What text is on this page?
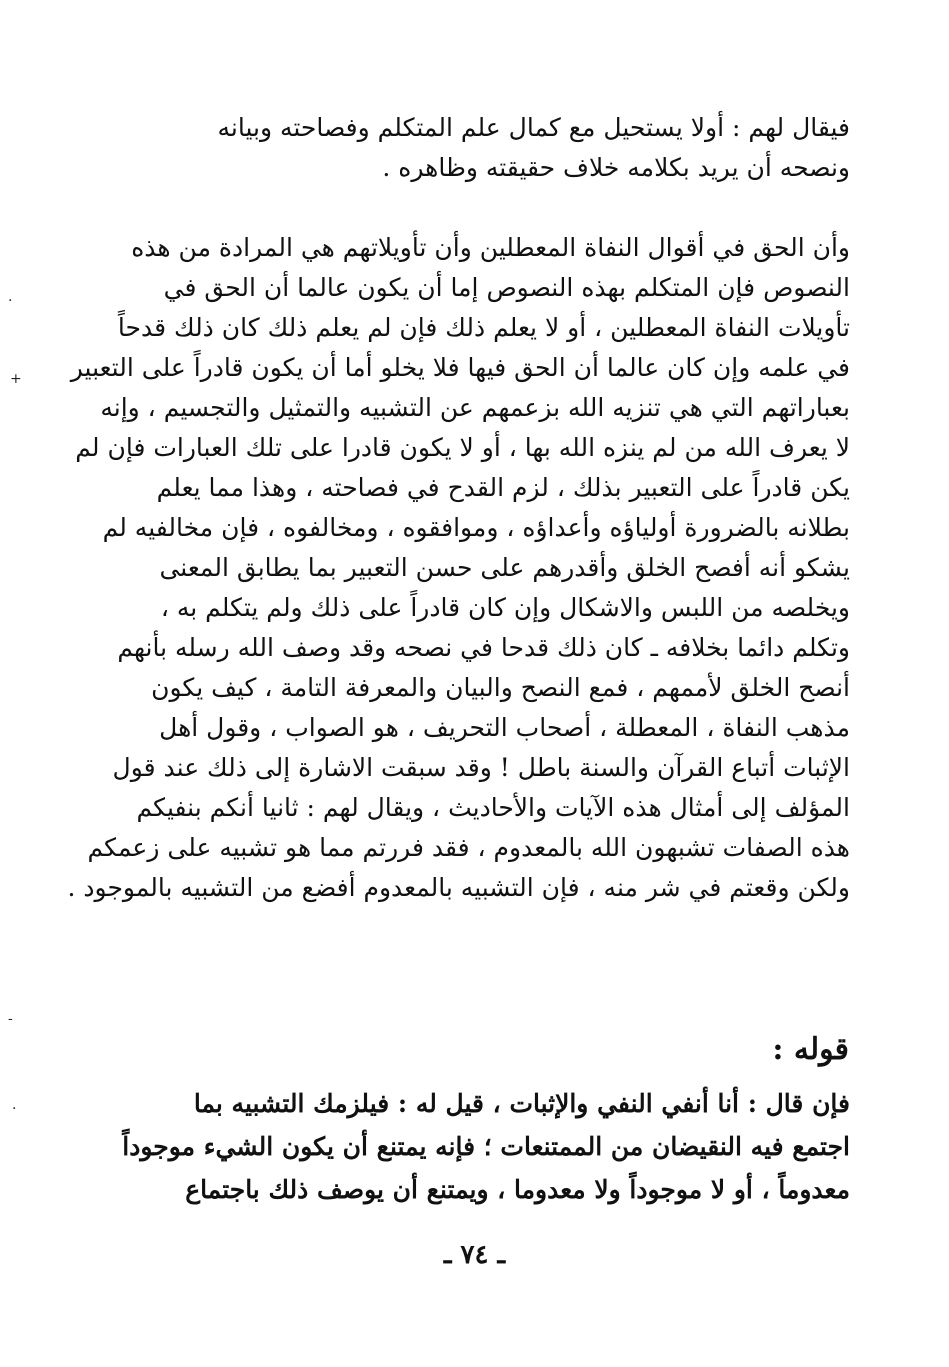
فيقال لهم : أولا يستحيل مع كمال علم المتكلم وفصاحته وبيانه
ونصحه أن يريد بكلامه خلاف حقيقته وظاهره .
وأن الحق في أقوال النفاة المعطلين وأن تأويلاتهم هي المرادة من هذه
النصوص فإن المتكلم بهذه النصوص إما أن يكون عالما أن الحق في
تأويلات النفاة المعطلين ، أو لا يعلم ذلك فإن لم يعلم ذلك كان ذلك قدحاً
في علمه وإن كان عالما أن الحق فيها فلا يخلو أما أن يكون قادراً على التعبير
بعباراتهم التي هي تنزيه الله بزعمهم عن التشبيه والتمثيل والتجسيم ، وإنه
لا يعرف الله من لم ينزه الله بها ، أو لا يكون قادرا على تلك العبارات فإن لم
يكن قادراً على التعبير بذلك ، لزم القدح في فصاحته ، وهذا مما يعلم
بطلانه بالضرورة أولياؤه وأعداؤه ، وموافقوه ، ومخالفوه ، فإن مخالفيه لم
يشكو أنه أفصح الخلق وأقدرهم على حسن التعبير بما يطابق المعنى
ويخلصه من اللبس والاشكال وإن كان قادراً على ذلك ولم يتكلم به ،
وتكلم دائما بخلافه ـ كان ذلك قدحا في نصحه وقد وصف الله رسله بأنهم
أنصح الخلق لأممهم ، فمع النصح والبيان والمعرفة التامة ، كيف يكون
مذهب النفاة ، المعطلة ، أصحاب التحريف ، هو الصواب ، وقول أهل
الإثبات أتباع القرآن والسنة باطل ! وقد سبقت الاشارة إلى ذلك عند قول
المؤلف إلى أمثال هذه الآيات والأحاديث ، ويقال لهم : ثانيا أنكم بنفيكم
هذه الصفات تشبهون الله بالمعدوم ، فقد فررتم مما هو تشبيه على زعمكم
ولكن وقعتم في شر منه ، فإن التشبيه بالمعدوم أفضع من التشبيه بالموجود .
قوله :
فإن قال : أنا أنفي النفي والإثبات ، قيل له : فيلزمك التشبيه بما
اجتمع فيه النقيضان من الممتنعات ؛ فإنه يمتنع أن يكون الشيء موجوداً
معدوماً ، أو لا موجوداً ولا معدوما ، ويمتنع أن يوصف ذلك باجتماع
ـ ٧٤ ـ
.
+
-
.
